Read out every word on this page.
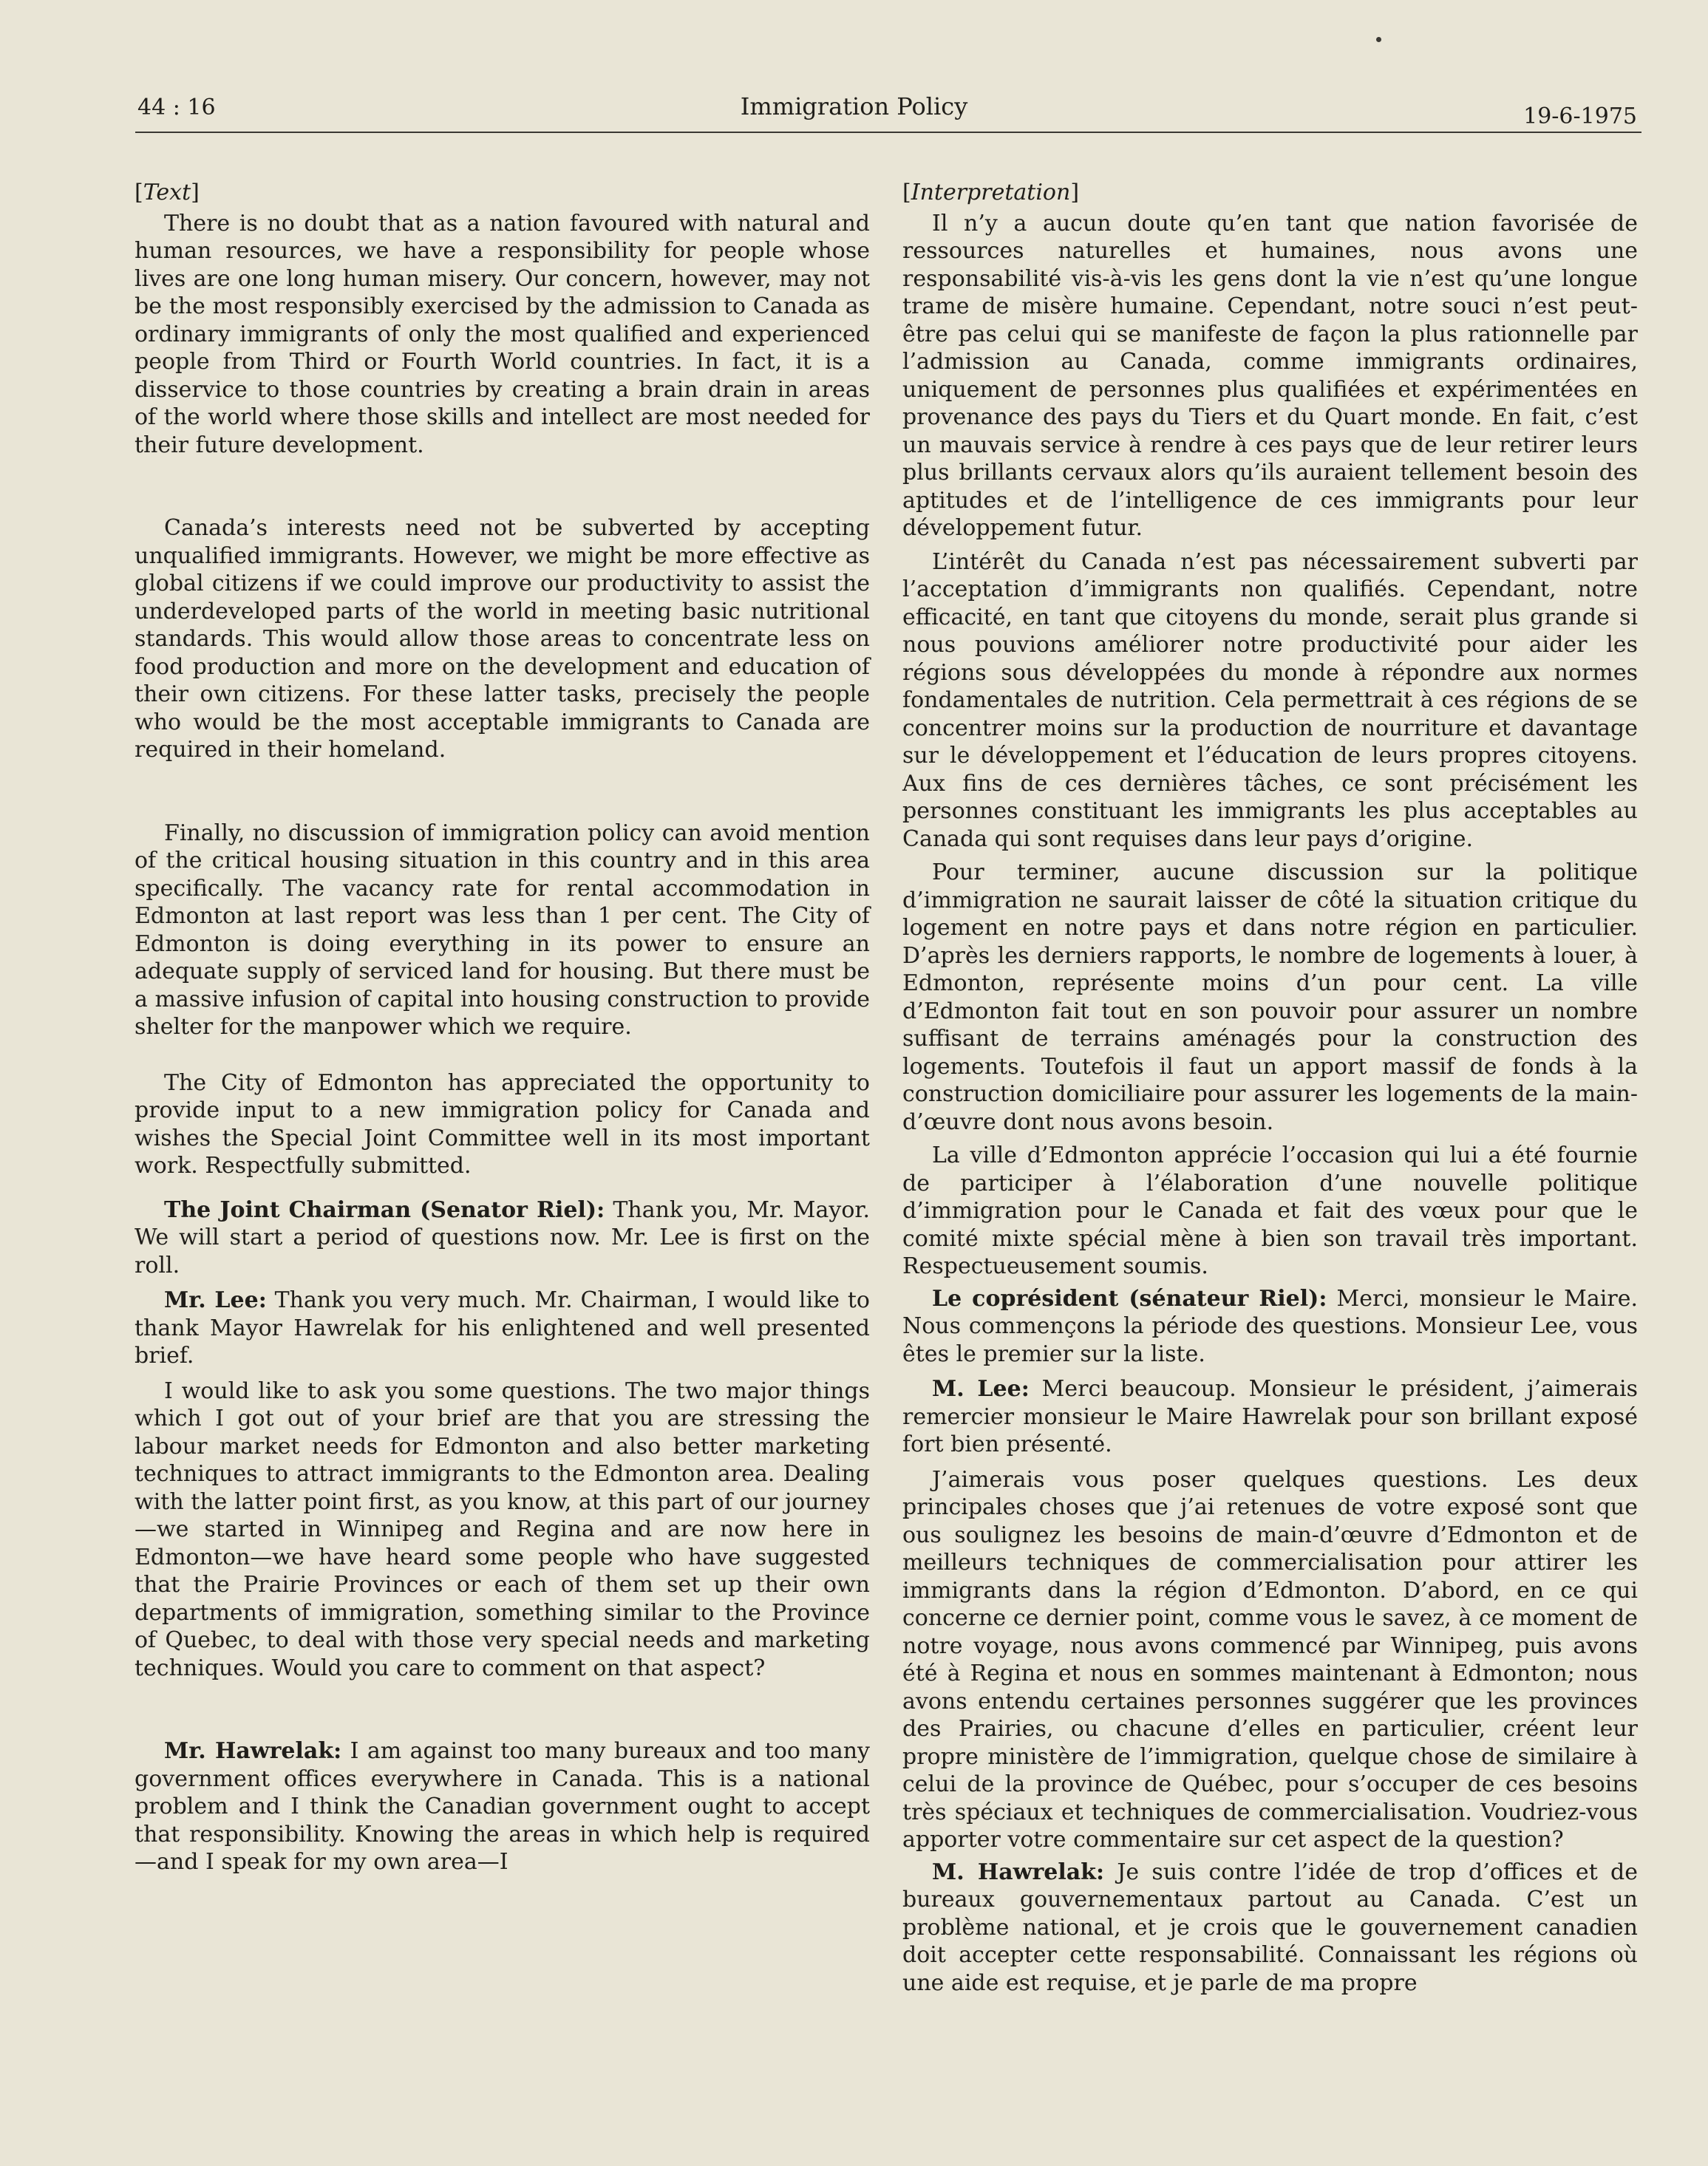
44 : 16	Immigration Policy	19-6-1975

[Text]

There is no doubt that as a nation favoured with natural and human resources, we have a responsibility for people whose lives are one long human misery. Our concern, however, may not be the most responsibly exercised by the admission to Canada as ordinary immigrants of only the most qualified and experienced people from Third or Fourth World countries. In fact, it is a disservice to those countries by creating a brain drain in areas of the world where those skills and intellect are most needed for their future development.

Canada’s interests need not be subverted by accepting unqualified immigrants. However, we might be more effective as global citizens if we could improve our productivity to assist the underdeveloped parts of the world in meeting basic nutritional standards. This would allow those areas to concentrate less on food production and more on the development and education of their own citizens. For these latter tasks, precisely the people who would be the most acceptable immigrants to Canada are required in their homeland.

Finally, no discussion of immigration policy can avoid mention of the critical housing situation in this country and in this area specifically. The vacancy rate for rental accommodation in Edmonton at last report was less than 1 per cent. The City of Edmonton is doing everything in its power to ensure an adequate supply of serviced land for housing. But there must be a massive infusion of capital into housing construction to provide shelter for the manpower which we require.

The City of Edmonton has appreciated the opportunity to provide input to a new immigration policy for Canada and wishes the Special Joint Committee well in its most important work. Respectfully submitted.

The Joint Chairman (Senator Riel): Thank you, Mr. Mayor. We will start a period of questions now. Mr. Lee is first on the roll.

Mr. Lee: Thank you very much. Mr. Chairman, I would like to thank Mayor Hawrelak for his enlightened and well presented brief.

I would like to ask you some questions. The two major things which I got out of your brief are that you are stressing the labour market needs for Edmonton and also better marketing techniques to attract immigrants to the Edmonton area. Dealing with the latter point first, as you know, at this part of our journey—we started in Winnipeg and Regina and are now here in Edmonton—we have heard some people who have suggested that the Prairie Provinces or each of them set up their own departments of immigration, something similar to the Province of Quebec, to deal with those very special needs and marketing techniques. Would you care to comment on that aspect?

Mr. Hawrelak: I am against too many bureaux and too many government offices everywhere in Canada. This is a national problem and I think the Canadian government ought to accept that responsibility. Knowing the areas in which help is required—and I speak for my own area—I

[Interpretation]

Il n’y a aucun doute qu’en tant que nation favorisée de ressources naturelles et humaines, nous avons une responsabilité vis-à-vis les gens dont la vie n’est qu’une longue trame de misère humaine. Cependant, notre souci n’est peut-être pas celui qui se manifeste de façon la plus rationnelle par l’admission au Canada, comme immigrants ordinaires, uniquement de personnes plus qualifiées et expérimentées en provenance des pays du Tiers et du Quart monde. En fait, c’est un mauvais service à rendre à ces pays que de leur retirer leurs plus brillants cervaux alors qu’ils auraient tellement besoin des aptitudes et de l’intelligence de ces immigrants pour leur développement futur.

L’intérêt du Canada n’est pas nécessairement subverti par l’acceptation d’immigrants non qualifiés. Cependant, notre efficacité, en tant que citoyens du monde, serait plus grande si nous pouvions améliorer notre productivité pour aider les régions sous développées du monde à répondre aux normes fondamentales de nutrition. Cela permettrait à ces régions de se concentrer moins sur la production de nourriture et davantage sur le développement et l’éducation de leurs propres citoyens. Aux fins de ces dernières tâches, ce sont précisément les personnes constituant les immigrants les plus acceptables au Canada qui sont requises dans leur pays d’origine.

Pour terminer, aucune discussion sur la politique d’immigration ne saurait laisser de côté la situation critique du logement en notre pays et dans notre région en particulier. D’après les derniers rapports, le nombre de logements à louer, à Edmonton, représente moins d’un pour cent. La ville d’Edmonton fait tout en son pouvoir pour assurer un nombre suffisant de terrains aménagés pour la construction des logements. Toutefois il faut un apport massif de fonds à la construction domiciliaire pour assurer les logements de la main-d’œuvre dont nous avons besoin.

La ville d’Edmonton apprécie l’occasion qui lui a été fournie de participer à l’élaboration d’une nouvelle politique d’immigration pour le Canada et fait des vœux pour que le comité mixte spécial mène à bien son travail très important. Respectueusement soumis.

Le coprésident (sénateur Riel): Merci, monsieur le Maire. Nous commençons la période des questions. Monsieur Lee, vous êtes le premier sur la liste.

M. Lee: Merci beaucoup. Monsieur le président, j’aimerais remercier monsieur le Maire Hawrelak pour son brillant exposé fort bien présenté.

J’aimerais vous poser quelques questions. Les deux principales choses que j’ai retenues de votre exposé sont que ous soulignez les besoins de main-d’œuvre d’Edmonton et de meilleurs techniques de commercialisation pour attirer les immigrants dans la région d’Edmonton. D’abord, en ce qui concerne ce dernier point, comme vous le savez, à ce moment de notre voyage, nous avons commencé par Winnipeg, puis avons été à Regina et nous en sommes maintenant à Edmonton; nous avons entendu certaines personnes suggérer que les provinces des Prairies, ou chacune d’elles en particulier, créent leur propre ministère de l’immigration, quelque chose de similaire à celui de la province de Québec, pour s’occuper de ces besoins très spéciaux et techniques de commercialisation. Voudriez-vous apporter votre commentaire sur cet aspect de la question?

M. Hawrelak: Je suis contre l’idée de trop d’offices et de bureaux gouvernementaux partout au Canada. C’est un problème national, et je crois que le gouvernement canadien doit accepter cette responsabilité. Connaissant les régions où une aide est requise, et je parle de ma propre
